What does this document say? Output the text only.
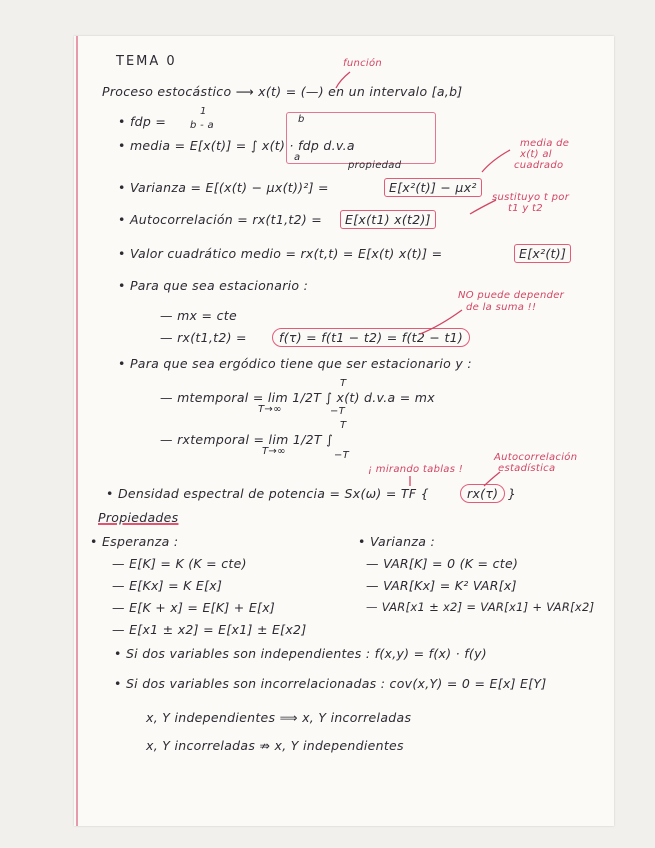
TEMA 0	función
Proceso estocástico ⟶ x(t) = (—) en un intervalo [a,b]
• fdp =
1
b - a
• media = E[x(t)] = ∫ x(t) · fdp d.v.a
b
a
propiedad
media de
x(t) al
cuadrado
• Varianza = E[(x(t) − μx(t))²] =	E[x²(t)] − μx²
sustituyo t por
t1 y t2
• Autocorrelación = rx(t1,t2) =	E[x(t1) x(t2)]
• Valor cuadrático medio = rx(t,t) = E[x(t) x(t)] =	E[x²(t)]
• Para que sea estacionario :
NO puede depender
de la suma !!
— mx = cte
— rx(t1,t2) =	f(τ) = f(t1 − t2) = f(t2 − t1)
• Para que sea ergódico tiene que ser estacionario y :
— mtemporal = lim 1/2T ∫ x(t) d.v.a = mx
T→∞
T
−T
— rxtemporal = lim 1/2T ∫
T→∞
T
−T
¡ mirando tablas !
Autocorrelación
estadística
• Densidad espectral de potencia = Sx(ω) = TF {	rx(τ) }
Propiedades
• Esperanza :
— E[K] = K (K = cte)
— E[Kx] = K E[x]
— E[K + x] = E[K] + E[x]
— E[x1 ± x2] = E[x1] ± E[x2]
• Varianza :
— VAR[K] = 0 (K = cte)
— VAR[Kx] = K² VAR[x]
— VAR[x1 ± x2] = VAR[x1] + VAR[x2]
• Si dos variables son independientes : f(x,y) = f(x) · f(y)
• Si dos variables son incorrelacionadas : cov(x,Y) = 0 = E[x] E[Y]
x, Y independientes ⟹ x, Y incorreladas
x, Y incorreladas ⇏ x, Y independientes
